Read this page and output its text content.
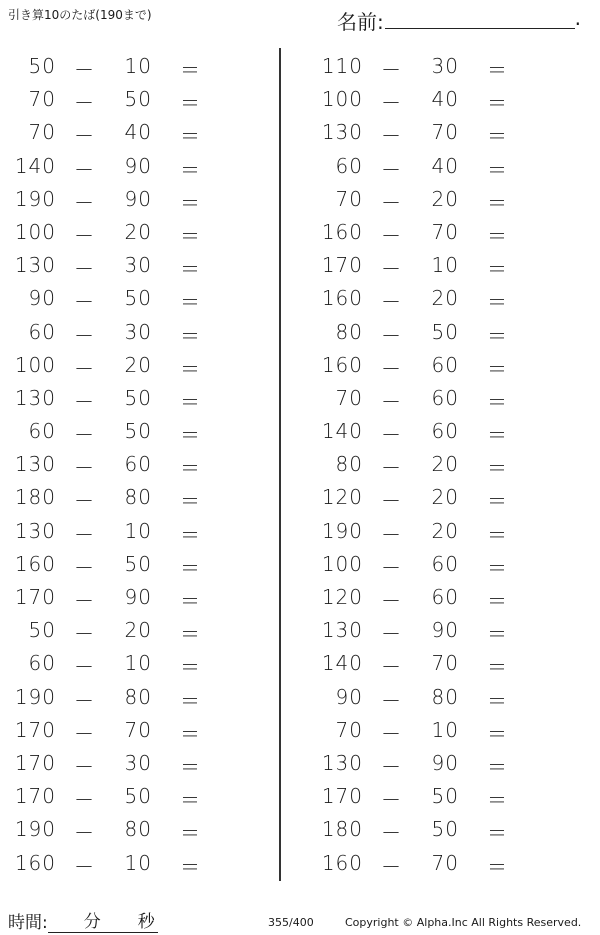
引き算10のたば(190まで)	名前:	.
50 －	10 ＝
70 －	50 ＝
70 －	40 ＝
140 －	90 ＝
190 －	90 ＝
100 －	20 ＝
130 －	30 ＝
90 －	50 ＝
60 －	30 ＝
100 －	20 ＝
130 －	50 ＝
60 －	50 ＝
130 －	60 ＝
180 －	80 ＝
130 －	10 ＝
160 －	50 ＝
170 －	90 ＝
50 －	20 ＝
60 －	10 ＝
190 －	80 ＝
170 －	70 ＝
170 －	30 ＝
170 －	50 ＝
190 －	80 ＝
160 －	10 ＝
110 －	30 ＝
100 －	40 ＝
130 －	70 ＝
60 －	40 ＝
70 －	20 ＝
160 －	70 ＝
170 －	10 ＝
160 －	20 ＝
80 －	50 ＝
160 －	60 ＝
70 －	60 ＝
140 －	60 ＝
80 －	20 ＝
120 －	20 ＝
190 －	20 ＝
100 －	60 ＝
120 －	60 ＝
130 －	90 ＝
140 －	70 ＝
90 －	80 ＝
70 －	10 ＝
130 －	90 ＝
170 －	50 ＝
180 －	50 ＝
160 －	70 ＝
時間: 分 秒	355/400	Copyright © Alpha.Inc All Rights Reserved.
